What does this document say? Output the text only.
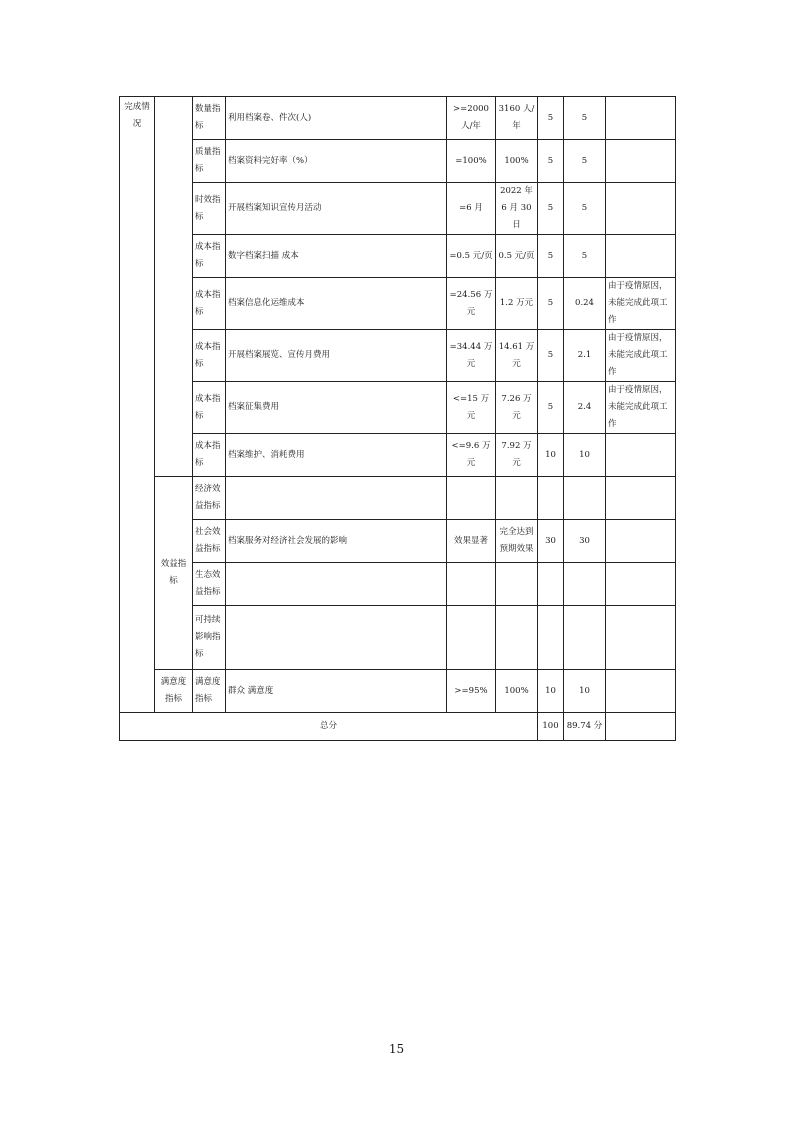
完成情况		数量指标	利用档案卷、件次(人)	>=2000 人/年	3160 人/年	5	5	
		质量指标	档案资料完好率（%）	=100%	100%	5	5	
		时效指标	开展档案知识宣传月活动	=6 月	2022 年 6 月 30 日	5	5	
		成本指标	数字档案扫描 成本	=0.5 元/页	0.5 元/页	5	5	
		成本指标	档案信息化运维成本	=24.56 万元	1.2 万元	5	0.24	由于疫情原因，未能完成此项工作
		成本指标	开展档案展览、宣传月费用	=34.44 万元	14.61 万元	5	2.1	由于疫情原因，未能完成此项工作
		成本指标	档案征集费用	<=15 万元	7.26 万元	5	2.4	由于疫情原因，未能完成此项工作
		成本指标	档案维护、消耗费用	<=9.6 万元	7.92 万元	10	10	
	效益指标	经济效益指标						
		社会效益指标	档案服务对经济社会发展的影响	效果显著	完全达到预期效果	30	30	
		生态效益指标						
		可持续影响指标						
	满意度指标	满意度指标	群众 满意度	>=95%	100%	10	10	
总分						100	89.74 分	
15
